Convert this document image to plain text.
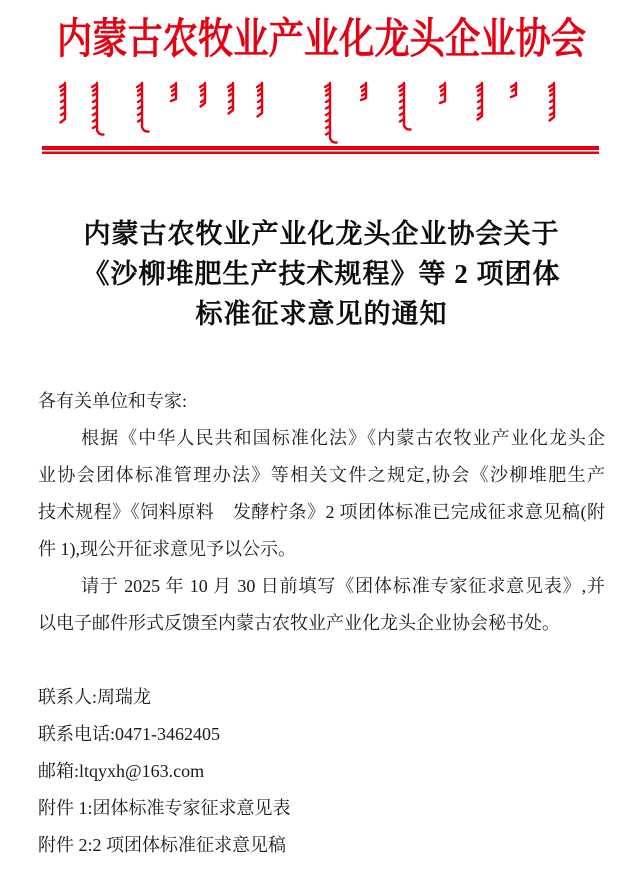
内蒙古农牧业产业化龙头企业协会
内蒙古农牧业产业化龙头企业协会关于
《沙柳堆肥生产技术规程》等 2 项团体
标准征求意见的通知
各有关单位和专家:
根据《中华人民共和国标准化法》《内蒙古农牧业产业化龙头企
业协会团体标准管理办法》等相关文件之规定,协会《沙柳堆肥生产
技术规程》《饲料原料　发酵柠条》2 项团体标准已完成征求意见稿(附
件 1),现公开征求意见予以公示。
请于 2025 年 10 月 30 日前填写《团体标准专家征求意见表》,并
以电子邮件形式反馈至内蒙古农牧业产业化龙头企业协会秘书处。
联系人:周瑞龙
联系电话:0471-3462405
邮箱:ltqyxh@163.com
附件 1:团体标准专家征求意见表
附件 2:2 项团体标准征求意见稿
